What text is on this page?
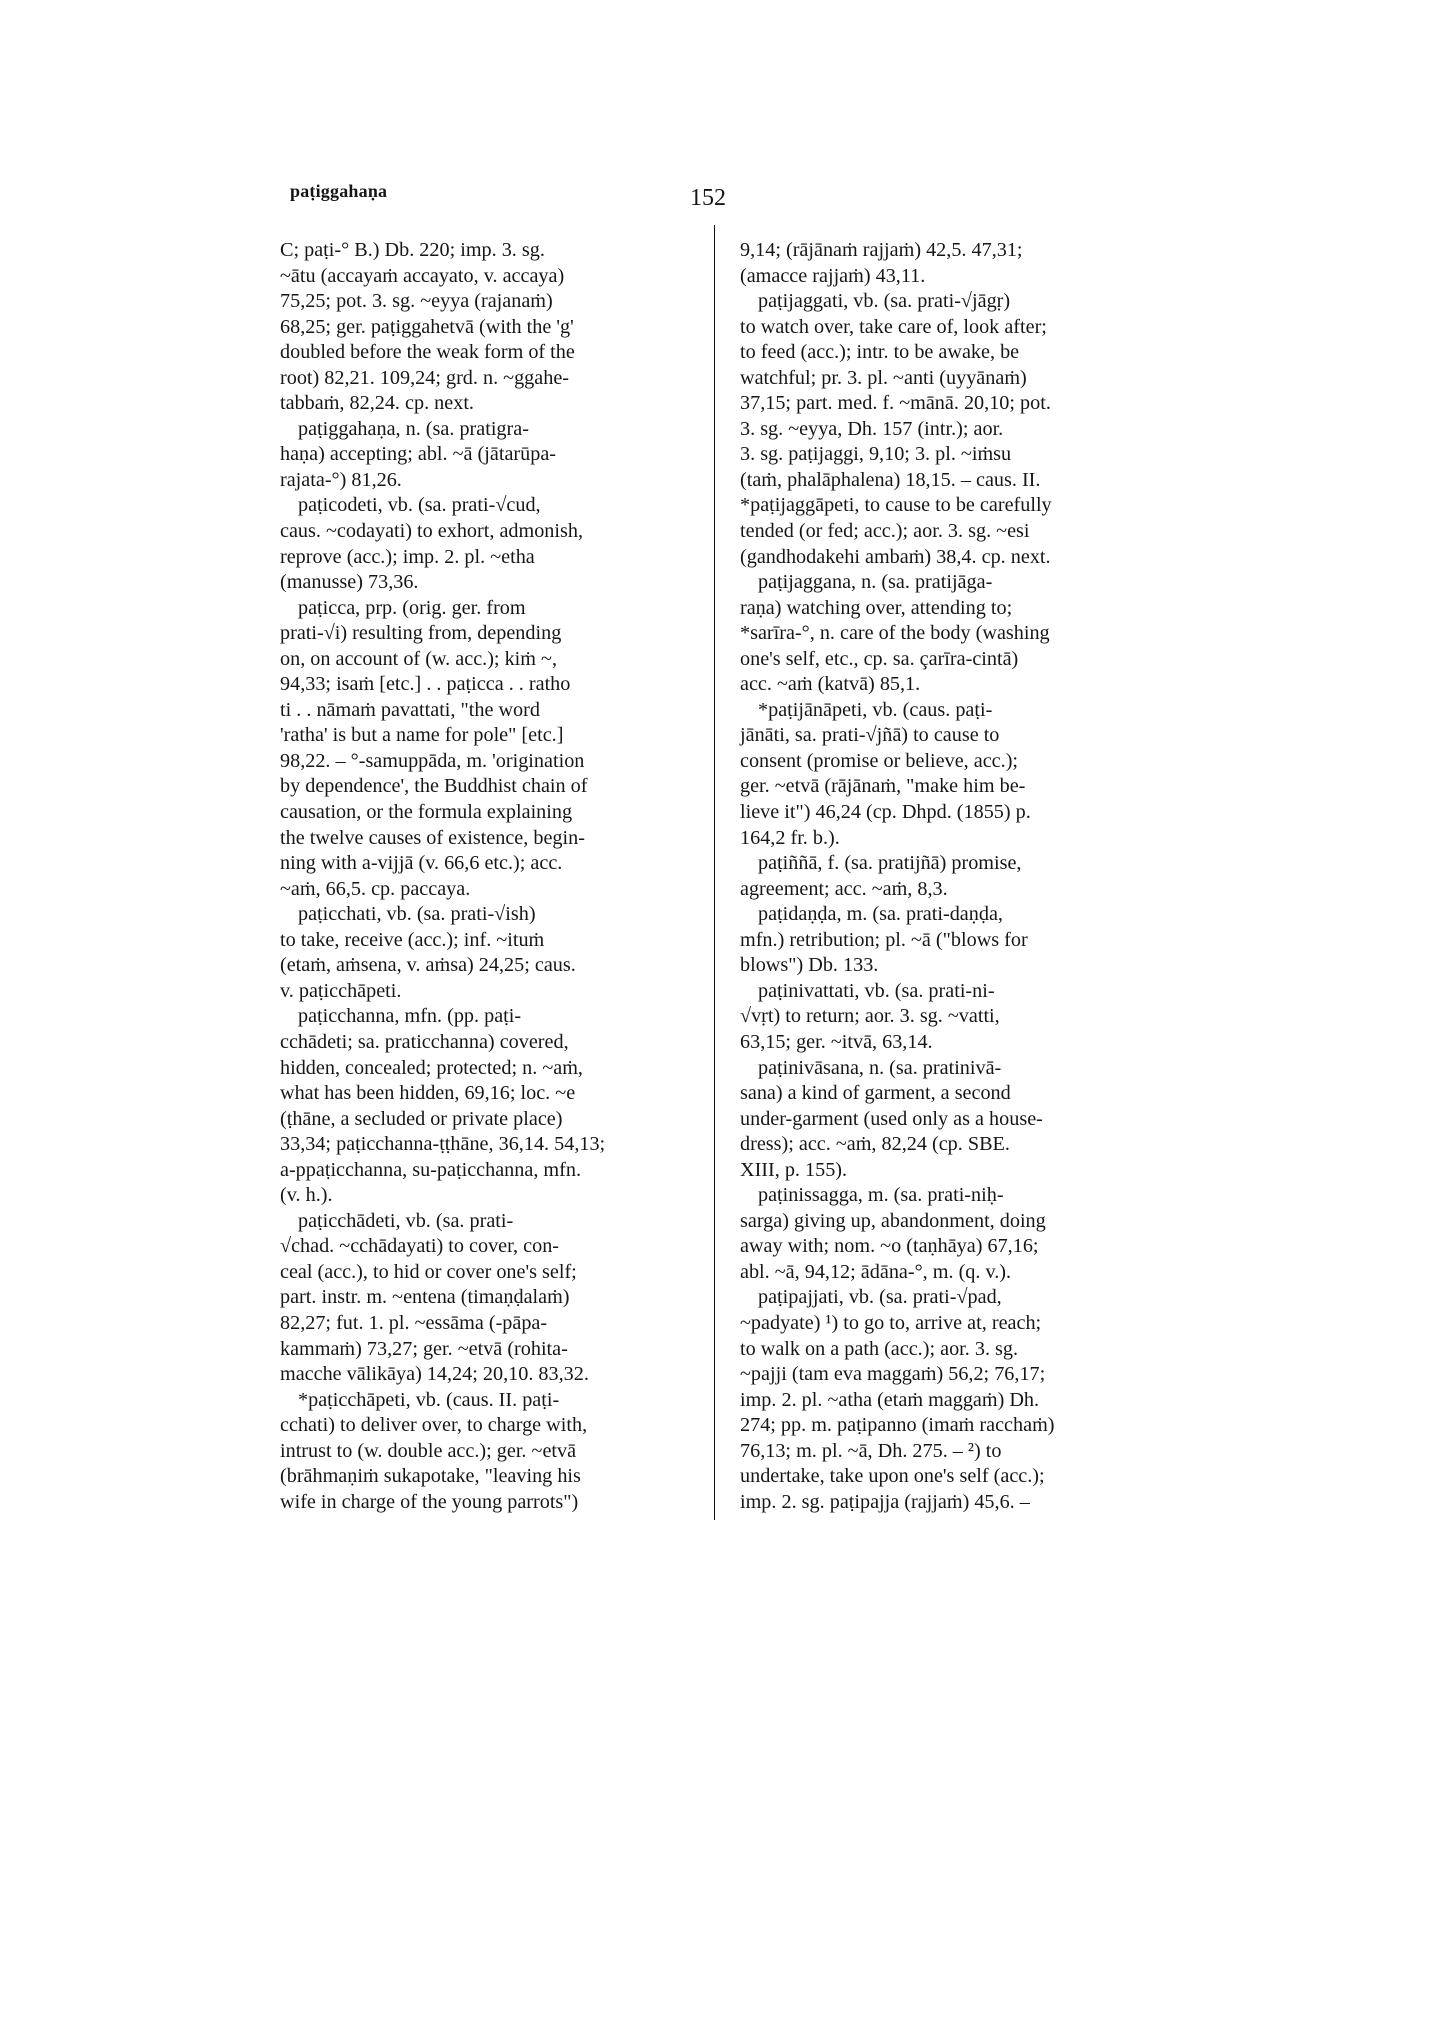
paṭiggahaṇa	152
C; paṭi-° B.) Db. 220; imp. 3. sg.
~ātu (accayaṁ accayato, v. accaya)
75,25; pot. 3. sg. ~eyya (rajanaṁ)
68,25; ger. paṭiggahetvā (with the 'g'
doubled before the weak form of the
root) 82,21. 109,24; grd. n. ~ggahe-
tabbaṁ, 82,24. cp. next.
paṭiggahaṇa, n. (sa. pratigra-
haṇa) accepting; abl. ~ā (jātarūpa-
rajata-°) 81,26.
paṭicodeti, vb. (sa. prati-√cud,
caus. ~codayati) to exhort, admonish,
reprove (acc.); imp. 2. pl. ~etha
(manusse) 73,36.
paṭicca, prp. (orig. ger. from
prati-√i) resulting from, depending
on, on account of (w. acc.); kiṁ ~,
94,33; isaṁ [etc.] . . paṭicca . . ratho
ti . . nāmaṁ pavattati, "the word
'ratha' is but a name for pole" [etc.]
98,22. – °-samuppāda, m. 'origination
by dependence', the Buddhist chain of
causation, or the formula explaining
the twelve causes of existence, begin-
ning with a-vijjā (v. 66,6 etc.); acc.
~aṁ, 66,5. cp. paccaya.
paṭicchati, vb. (sa. prati-√ish)
to take, receive (acc.); inf. ~ituṁ
(etaṁ, aṁsena, v. aṁsa) 24,25; caus.
v. paṭicchāpeti.
paṭicchanna, mfn. (pp. paṭi-
cchādeti; sa. praticchanna) covered,
hidden, concealed; protected; n. ~aṁ,
what has been hidden, 69,16; loc. ~e
(ṭhāne, a secluded or private place)
33,34; paṭicchanna-ṭṭhāne, 36,14. 54,13;
a-ppaṭicchanna, su-paṭicchanna, mfn.
(v. h.).
paṭicchādeti, vb. (sa. prati-
√chad. ~cchādayati) to cover, con-
ceal (acc.), to hid or cover one's self;
part. instr. m. ~entena (timaṇḍalaṁ)
82,27; fut. 1. pl. ~essāma (-pāpa-
kammaṁ) 73,27; ger. ~etvā (rohita-
macche vālikāya) 14,24; 20,10. 83,32.
*paṭicchāpeti, vb. (caus. II. paṭi-
cchati) to deliver over, to charge with,
intrust to (w. double acc.); ger. ~etvā
(brāhmaṇiṁ sukapotake, "leaving his
wife in charge of the young parrots")
9,14; (rājānaṁ rajjaṁ) 42,5. 47,31;
(amacce rajjaṁ) 43,11.
paṭijaggati, vb. (sa. prati-√jāgṛ)
to watch over, take care of, look after;
to feed (acc.); intr. to be awake, be
watchful; pr. 3. pl. ~anti (uyyānaṁ)
37,15; part. med. f. ~mānā. 20,10; pot.
3. sg. ~eyya, Dh. 157 (intr.); aor.
3. sg. paṭijaggi, 9,10; 3. pl. ~iṁsu
(taṁ, phalāphalena) 18,15. – caus. II.
*paṭijaggāpeti, to cause to be carefully
tended (or fed; acc.); aor. 3. sg. ~esi
(gandhodakehi ambaṁ) 38,4. cp. next.
paṭijaggana, n. (sa. pratijāga-
raṇa) watching over, attending to;
*sarīra-°, n. care of the body (washing
one's self, etc., cp. sa. çarīra-cintā)
acc. ~aṁ (katvā) 85,1.
*paṭijānāpeti, vb. (caus. paṭi-
jānāti, sa. prati-√jñā) to cause to
consent (promise or believe, acc.);
ger. ~etvā (rājānaṁ, "make him be-
lieve it") 46,24 (cp. Dhpd. (1855) p.
164,2 fr. b.).
paṭiññā, f. (sa. pratijñā) promise,
agreement; acc. ~aṁ, 8,3.
paṭidaṇḍa, m. (sa. prati-daṇḍa,
mfn.) retribution; pl. ~ā ("blows for
blows") Db. 133.
paṭinivattati, vb. (sa. prati-ni-
√vṛt) to return; aor. 3. sg. ~vatti,
63,15; ger. ~itvā, 63,14.
paṭinivāsana, n. (sa. pratinivā-
sana) a kind of garment, a second
under-garment (used only as a house-
dress); acc. ~aṁ, 82,24 (cp. SBE.
XIII, p. 155).
paṭinissagga, m. (sa. prati-niḥ-
sarga) giving up, abandonment, doing
away with; nom. ~o (taṇhāya) 67,16;
abl. ~ā, 94,12; ādāna-°, m. (q. v.).
paṭipajjati, vb. (sa. prati-√pad,
~padyate) ¹) to go to, arrive at, reach;
to walk on a path (acc.); aor. 3. sg.
~pajji (tam eva maggaṁ) 56,2; 76,17;
imp. 2. pl. ~atha (etaṁ maggaṁ) Dh.
274; pp. m. paṭipanno (imaṁ racchaṁ)
76,13; m. pl. ~ā, Dh. 275. – ²) to
undertake, take upon one's self (acc.);
imp. 2. sg. paṭipajja (rajjaṁ) 45,6. –
